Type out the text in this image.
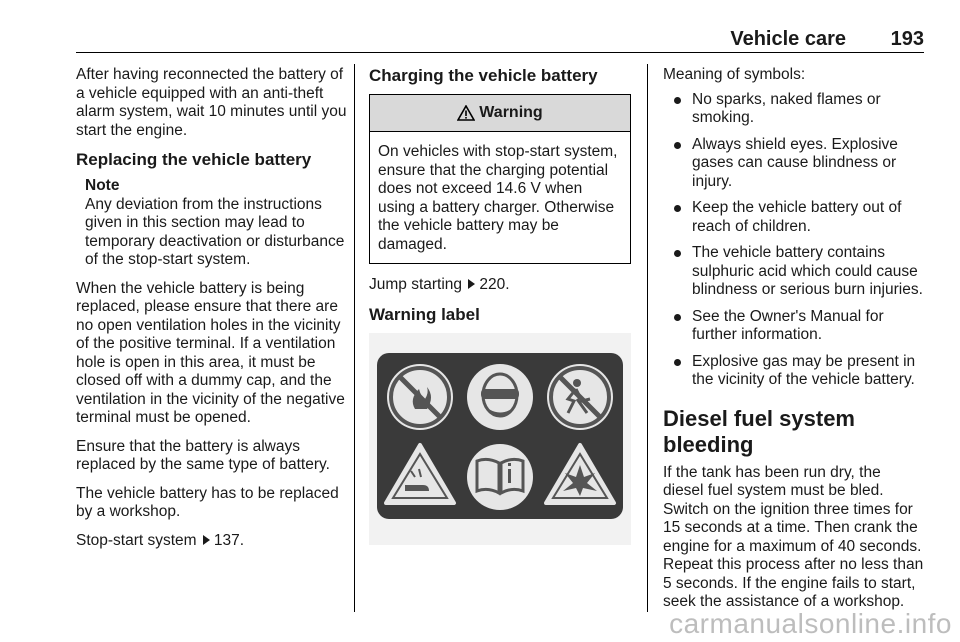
Vehicle care 193

After having reconnected the battery of a vehicle equipped with an anti-theft alarm system, wait 10 minutes until you start the engine.

Replacing the vehicle battery
Note
Any deviation from the instructions given in this section may lead to temporary deactivation or disturbance of the stop-start system.

When the vehicle battery is being replaced, please ensure that there are no open ventilation holes in the vicinity of the positive terminal. If a ventilation hole is open in this area, it must be closed off with a dummy cap, and the ventilation in the vicinity of the negative terminal must be opened.

Ensure that the battery is always replaced by the same type of battery.

The vehicle battery has to be replaced by a workshop.

Stop-start system 137.

Charging the vehicle battery
Warning
On vehicles with stop-start system, ensure that the charging potential does not exceed 14.6 V when using a battery charger. Otherwise the vehicle battery may be damaged.

Jump starting 220.

Warning label

Meaning of symbols:

No sparks, naked flames or smoking.
Always shield eyes. Explosive gases can cause blindness or injury.
Keep the vehicle battery out of reach of children.
The vehicle battery contains sulphuric acid which could cause blindness or serious burn injuries.
See the Owner's Manual for further information.
Explosive gas may be present in the vicinity of the vehicle battery.
Diesel fuel system bleeding

If the tank has been run dry, the diesel fuel system must be bled. Switch on the ignition three times for 15 seconds at a time. Then crank the engine for a maximum of 40 seconds. Repeat this process after no less than 5 seconds. If the engine fails to start, seek the assistance of a workshop.

carmanualsonline.info
